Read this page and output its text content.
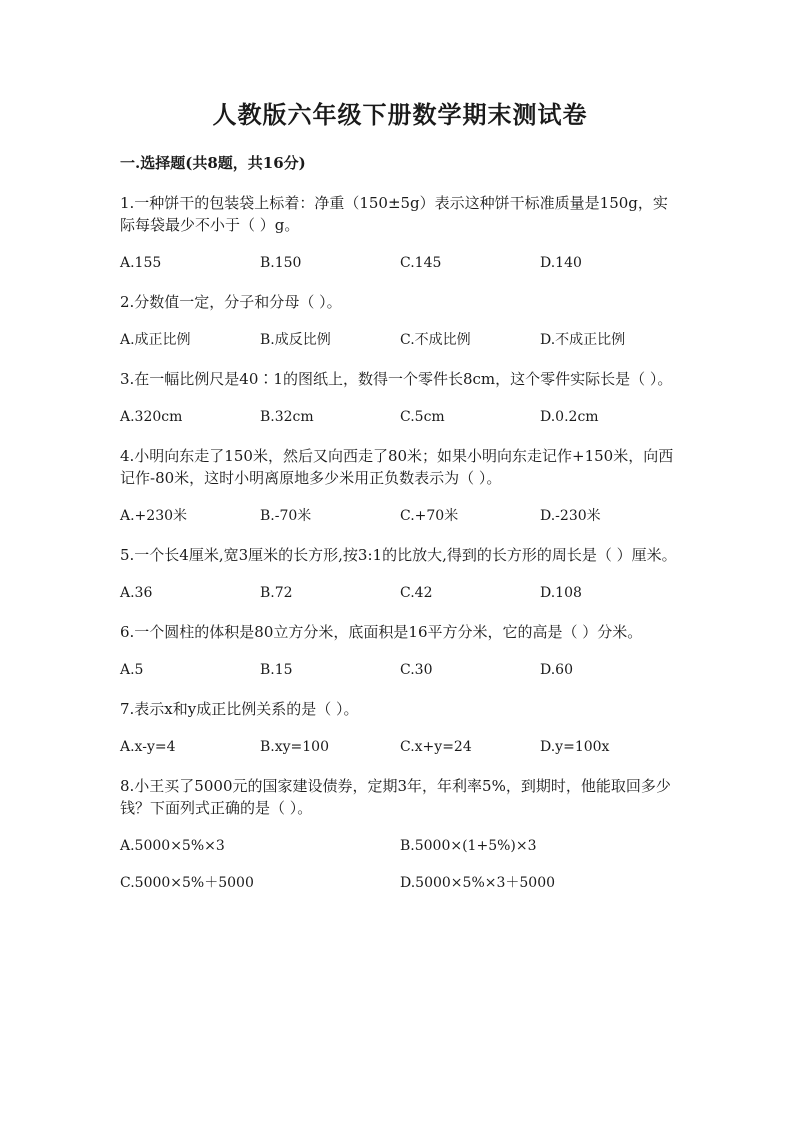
人教版六年级下册数学期末测试卷
一.选择题(共8题，共16分)

1.一种饼干的包装袋上标着：净重（150±5g）表示这种饼干标准质量是150g，实际每袋最少不小于（ ）g。

A.155	B.150	C.145	D.140

2.分数值一定，分子和分母（ ）。

A.成正比例	B.成反比例	C.不成比例	D.不成正比例

3.在一幅比例尺是40∶1的图纸上，数得一个零件长8cm，这个零件实际长是（ ）。

A.320cm	B.32cm	C.5cm	D.0.2cm

4.小明向东走了150米，然后又向西走了80米；如果小明向东走记作+150米，向西记作-80米，这时小明离原地多少米用正负数表示为（ ）。

A.+230米	B.-70米	C.+70米	D.-230米

5.一个长4厘米,宽3厘米的长方形,按3:1的比放大,得到的长方形的周长是（ ）厘米。

A.36	B.72	C.42	D.108

6.一个圆柱的体积是80立方分米，底面积是16平方分米，它的高是（ ）分米。

A.5	B.15	C.30	D.60

7.表示x和y成正比例关系的是（ ）。

A.x-y=4	B.xy=100	C.x+y=24	D.y=100x

8.小王买了5000元的国家建设债券，定期3年，年利率5%，到期时，他能取回多少钱？下面列式正确的是（ ）。

A.5000×5%×3	B.5000×(1+5%)×3
C.5000×5%＋5000	D.5000×5%×3＋5000
